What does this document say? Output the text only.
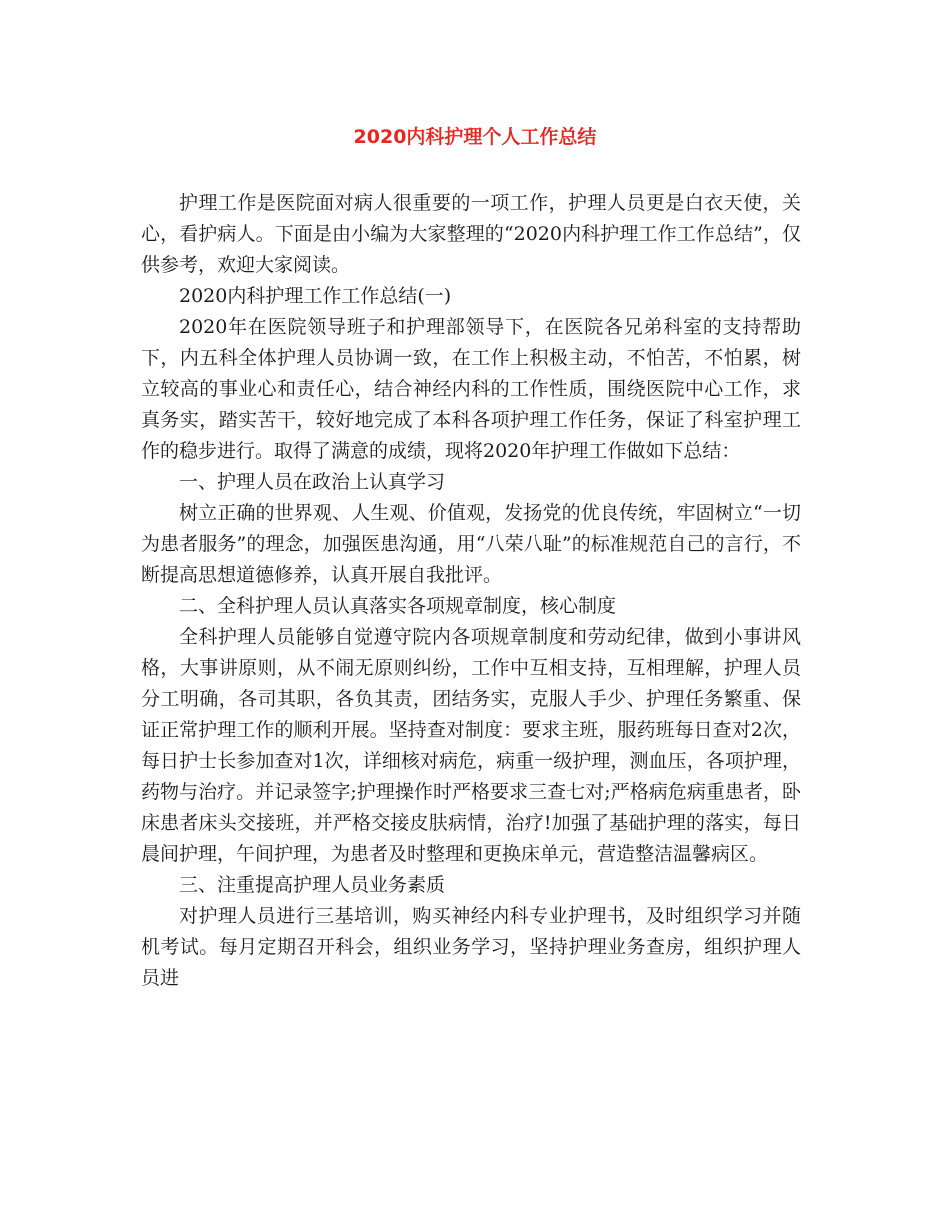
2020内科护理个人工作总结

护理工作是医院面对病人很重要的一项工作，护理人员更是白衣天使，关心，看护病人。下面是由小编为大家整理的“2020内科护理工作工作总结”，仅供参考，欢迎大家阅读。

2020内科护理工作工作总结(一)

2020年在医院领导班子和护理部领导下，在医院各兄弟科室的支持帮助下，内五科全体护理人员协调一致，在工作上积极主动，不怕苦，不怕累，树立较高的事业心和责任心，结合神经内科的工作性质，围绕医院中心工作，求真务实，踏实苦干，较好地完成了本科各项护理工作任务，保证了科室护理工作的稳步进行。取得了满意的成绩，现将2020年护理工作做如下总结：

一、护理人员在政治上认真学习

树立正确的世界观、人生观、价值观，发扬党的优良传统，牢固树立“一切为患者服务”的理念，加强医患沟通，用“八荣八耻”的标准规范自己的言行，不断提高思想道德修养，认真开展自我批评。

二、全科护理人员认真落实各项规章制度，核心制度

全科护理人员能够自觉遵守院内各项规章制度和劳动纪律，做到小事讲风格，大事讲原则，从不闹无原则纠纷，工作中互相支持，互相理解，护理人员分工明确，各司其职，各负其责，团结务实，克服人手少、护理任务繁重、保证正常护理工作的顺利开展。坚持查对制度：要求主班，服药班每日查对2次，每日护士长参加查对1次，详细核对病危，病重一级护理，测血压，各项护理，药物与治疗。并记录签字;护理操作时严格要求三查七对;严格病危病重患者，卧床患者床头交接班，并严格交接皮肤病情，治疗!加强了基础护理的落实，每日晨间护理，午间护理，为患者及时整理和更换床单元，营造整洁温馨病区。

三、注重提高护理人员业务素质

对护理人员进行三基培训，购买神经内科专业护理书，及时组织学习并随机考试。每月定期召开科会，组织业务学习，坚持护理业务查房，组织护理人员进
